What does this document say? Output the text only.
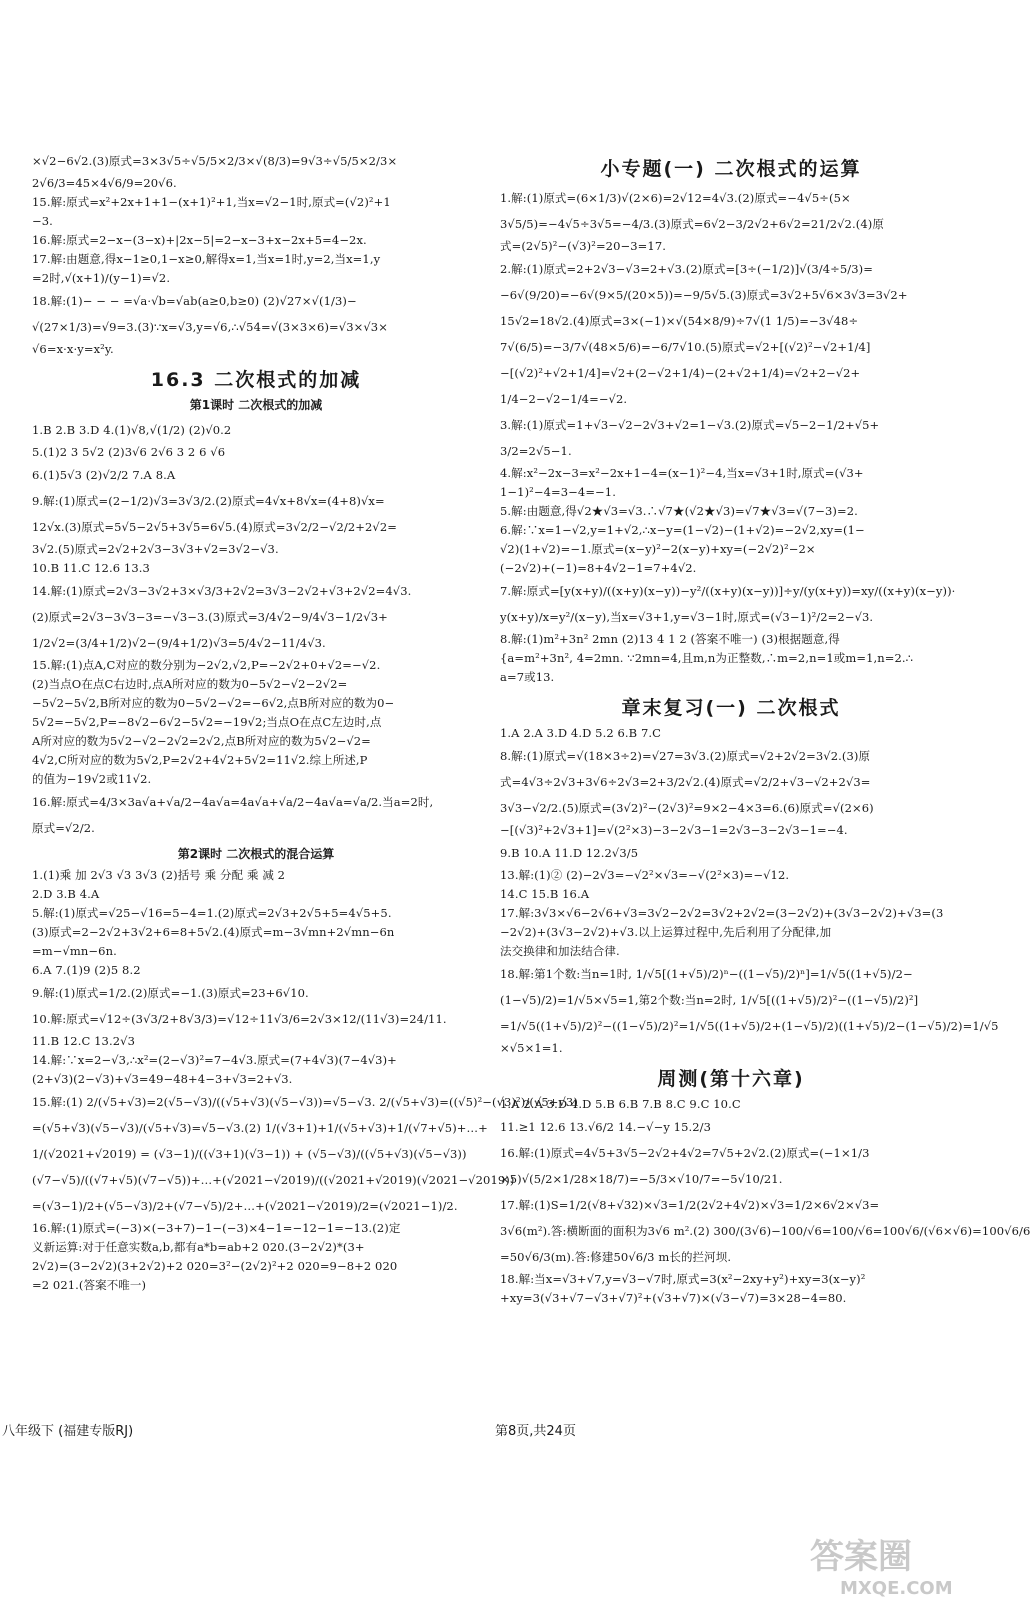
×√2−6√2.(3)原式=3×3√5÷√5/5×2/3×√(8/3)=9√3÷√5/5×2/3×
2√6/3=45×4√6/9=20√6.
15.解:原式=x²+2x+1+1−(x+1)²+1,当x=√2−1时,原式=(√2)²+1
−3.
16.解:原式=2−x−(3−x)+|2x−5|=2−x−3+x−2x+5=4−2x.
17.解:由题意,得x−1≥0,1−x≥0,解得x=1,当x=1时,y=2,当x=1,y
=2时,√(x+1)/(y−1)=√2.
18.解:(1)− − − =√a·√b=√ab(a≥0,b≥0) (2)√27×√(1/3)−
√(27×1/3)=√9=3.(3)∵x=√3,y=√6,∴√54=√(3×3×6)=√3×√3×
√6=x·x·y=x²y.
16.3 二次根式的加减
第1课时 二次根式的加减
1.B 2.B 3.D 4.(1)√8,√(1/2) (2)√0.2
5.(1)2 3 5√2 (2)3√6 2√6 3 2 6 √6
6.(1)5√3 (2)√2/2 7.A 8.A
9.解:(1)原式=(2−1/2)√3=3√3/2.(2)原式=4√x+8√x=(4+8)√x=
12√x.(3)原式=5√5−2√5+3√5=6√5.(4)原式=3√2/2−√2/2+2√2=
3√2.(5)原式=2√2+2√3−3√3+√2=3√2−√3.
10.B 11.C 12.6 13.3
14.解:(1)原式=2√3−3√2+3×√3/3+2√2=3√3−2√2+√3+2√2=4√3.
(2)原式=2√3−3√3−3=−√3−3.(3)原式=3/4√2−9/4√3−1/2√3+
1/2√2=(3/4+1/2)√2−(9/4+1/2)√3=5/4√2−11/4√3.
15.解:(1)点A,C对应的数分别为−2√2,√2,P=−2√2+0+√2=−√2.
(2)当点O在点C右边时,点A所对应的数为0−5√2−√2−2√2=
−5√2−5√2,B所对应的数为0−5√2−√2=−6√2,点B所对应的数为0−
5√2=−5√2,P=−8√2−6√2−5√2=−19√2;当点O在点C左边时,点
A所对应的数为5√2−√2−2√2=2√2,点B所对应的数为5√2−√2=
4√2,C所对应的数为5√2,P=2√2+4√2+5√2=11√2.综上所述,P
的值为−19√2或11√2.
16.解:原式=4/3×3a√a+√a/2−4a√a=4a√a+√a/2−4a√a=√a/2.当a=2时,
原式=√2/2.
第2课时 二次根式的混合运算
1.(1)乘 加 2√3 √3 3√3 (2)括号 乘 分配 乘 减 2
2.D 3.B 4.A
5.解:(1)原式=√25−√16=5−4=1.(2)原式=2√3+2√5+5=4√5+5.
(3)原式=2−2√2+3√2+6=8+5√2.(4)原式=m−3√mn+2√mn−6n
=m−√mn−6n.
6.A 7.(1)9 (2)5 8.2
9.解:(1)原式=1/2.(2)原式=−1.(3)原式=23+6√10.
10.解:原式=√12÷(3√3/2+8√3/3)=√12÷11√3/6=2√3×12/(11√3)=24/11.
11.B 12.C 13.2√3
14.解:∵x=2−√3,∴x²=(2−√3)²=7−4√3.原式=(7+4√3)(7−4√3)+
(2+√3)(2−√3)+√3=49−48+4−3+√3=2+√3.
15.解:(1) 2/(√5+√3)=2(√5−√3)/((√5+√3)(√5−√3))=√5−√3. 2/(√5+√3)=((√5)²−(√3)²)/(√5+√3)
=(√5+√3)(√5−√3)/(√5+√3)=√5−√3.(2) 1/(√3+1)+1/(√5+√3)+1/(√7+√5)+…+
1/(√2021+√2019) = (√3−1)/((√3+1)(√3−1)) + (√5−√3)/((√5+√3)(√5−√3))
(√7−√5)/((√7+√5)(√7−√5))+…+(√2021−√2019)/((√2021+√2019)(√2021−√2019))
=(√3−1)/2+(√5−√3)/2+(√7−√5)/2+…+(√2021−√2019)/2=(√2021−1)/2.
16.解:(1)原式=(−3)×(−3+7)−1−(−3)×4−1=−12−1=−13.(2)定
义新运算:对于任意实数a,b,都有a*b=ab+2 020.(3−2√2)*(3+
2√2)=(3−2√2)(3+2√2)+2 020=3²−(2√2)²+2 020=9−8+2 020
=2 021.(答案不唯一)
小专题(一) 二次根式的运算
1.解:(1)原式=(6×1/3)√(2×6)=2√12=4√3.(2)原式=−4√5÷(5×
3√5/5)=−4√5÷3√5=−4/3.(3)原式=6√2−3/2√2+6√2=21/2√2.(4)原
式=(2√5)²−(√3)²=20−3=17.
2.解:(1)原式=2+2√3−√3=2+√3.(2)原式=[3÷(−1/2)]√(3/4÷5/3)=
−6√(9/20)=−6√(9×5/(20×5))=−9/5√5.(3)原式=3√2+5√6×3√3=3√2+
15√2=18√2.(4)原式=3×(−1)×√(54×8/9)÷7√(1 1/5)=−3√48÷
7√(6/5)=−3/7√(48×5/6)=−6/7√10.(5)原式=√2+[(√2)²−√2+1/4]
−[(√2)²+√2+1/4]=√2+(2−√2+1/4)−(2+√2+1/4)=√2+2−√2+
1/4−2−√2−1/4=−√2.
3.解:(1)原式=1+√3−√2−2√3+√2=1−√3.(2)原式=√5−2−1/2+√5+
3/2=2√5−1.
4.解:x²−2x−3=x²−2x+1−4=(x−1)²−4,当x=√3+1时,原式=(√3+
1−1)²−4=3−4=−1.
5.解:由题意,得√2★√3=√3.∴√7★(√2★√3)=√7★√3=√(7−3)=2.
6.解:∵x=1−√2,y=1+√2,∴x−y=(1−√2)−(1+√2)=−2√2,xy=(1−
√2)(1+√2)=−1.原式=(x−y)²−2(x−y)+xy=(−2√2)²−2×
(−2√2)+(−1)=8+4√2−1=7+4√2.
7.解:原式=[y(x+y)/((x+y)(x−y))−y²/((x+y)(x−y))]÷y/(y(x+y))=xy/((x+y)(x−y))·
y(x+y)/x=y²/(x−y),当x=√3+1,y=√3−1时,原式=(√3−1)²/2=2−√3.
8.解:(1)m²+3n² 2mn (2)13 4 1 2 (答案不唯一) (3)根据题意,得
{a=m²+3n², 4=2mn. ∵2mn=4,且m,n为正整数,∴m=2,n=1或m=1,n=2.∴
a=7或13.
章末复习(一) 二次根式
1.A 2.A 3.D 4.D 5.2 6.B 7.C
8.解:(1)原式=√(18×3÷2)=√27=3√3.(2)原式=√2+2√2=3√2.(3)原
式=4√3÷2√3+3√6÷2√3=2+3/2√2.(4)原式=√2/2+√3−√2+2√3=
3√3−√2/2.(5)原式=(3√2)²−(2√3)²=9×2−4×3=6.(6)原式=√(2×6)
−[(√3)²+2√3+1]=√(2²×3)−3−2√3−1=2√3−3−2√3−1=−4.
9.B 10.A 11.D 12.2√3/5
13.解:(1)② (2)−2√3=−√2²×√3=−√(2²×3)=−√12.
14.C 15.B 16.A
17.解:3√3×√6−2√6+√3=3√2−2√2=3√2+2√2=(3−2√2)+(3√3−2√2)+√3=(3
−2√2)+(3√3−2√2)+√3.以上运算过程中,先后利用了分配律,加
法交换律和加法结合律.
18.解:第1个数:当n=1时, 1/√5[(1+√5)/2)ⁿ−((1−√5)/2)ⁿ]=1/√5((1+√5)/2−
(1−√5)/2)=1/√5×√5=1,第2个数:当n=2时, 1/√5[((1+√5)/2)²−((1−√5)/2)²]
=1/√5((1+√5)/2)²−((1−√5)/2)²=1/√5((1+√5)/2+(1−√5)/2)((1+√5)/2−(1−√5)/2)=1/√5
×√5×1=1.
周测(第十六章)
1.A 2.A 3.D 4.D 5.B 6.B 7.B 8.C 9.C 10.C
11.≥1 12.6 13.√6/2 14.−√−y 15.2/3
16.解:(1)原式=4√5+3√5−2√2+4√2=7√5+2√2.(2)原式=(−1×1/3
×5)√(5/2×1/28×18/7)=−5/3×√10/7=−5√10/21.
17.解:(1)S=1/2(√8+√32)×√3=1/2(2√2+4√2)×√3=1/2×6√2×√3=
3√6(m²).答:横断面的面积为3√6 m².(2) 300/(3√6)−100/√6=100/√6=100√6/(√6×√6)=100√6/6
=50√6/3(m).答:修建50√6/3 m长的拦河坝.
18.解:当x=√3+√7,y=√3−√7时,原式=3(x²−2xy+y²)+xy=3(x−y)²
+xy=3(√3+√7−√3+√7)²+(√3+√7)×(√3−√7)=3×28−4=80.
八年级下 (福建专版RJ)	第8页,共24页
答案圈
MXQE.COM
